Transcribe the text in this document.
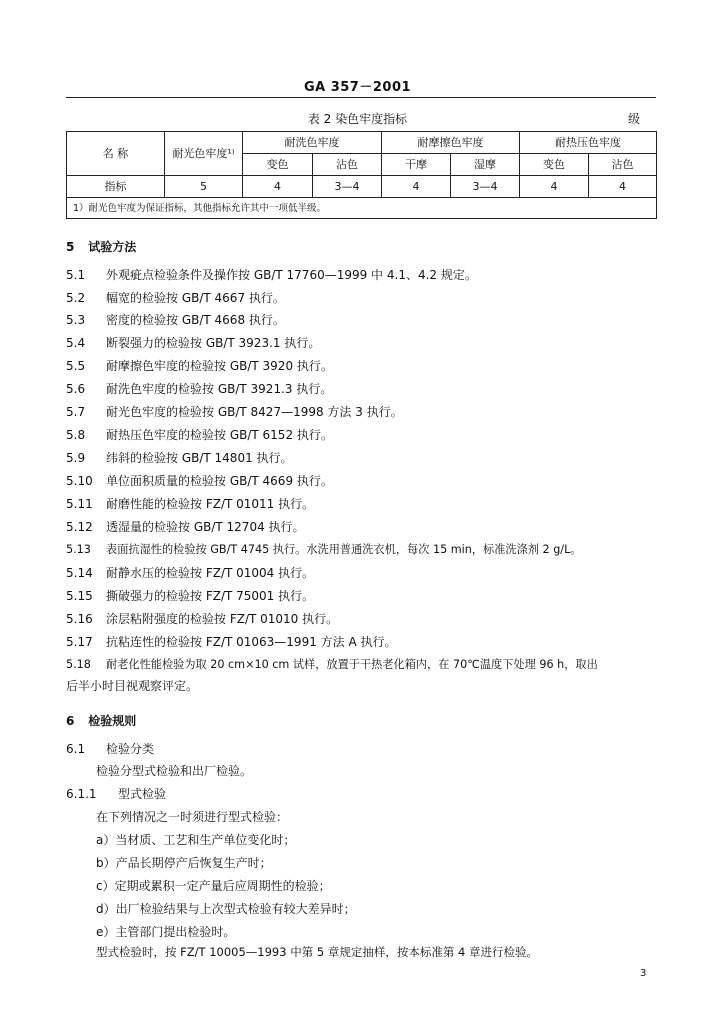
GA 357－2001
表 2 染色牢度指标	级
名 称	耐光色牢度¹⁾	耐洗色牢度		耐摩擦色牢度		耐热压色牢度	
		变色	沾色	干摩	湿摩	变色	沾色
指标	5	4	3—4	4	3—4	4	4
1）耐光色牢度为保证指标，其他指标允许其中一项低半级。							
5 试验方法
5.1 外观疵点检验条件及操作按 GB/T 17760—1999 中 4.1、4.2 规定。
5.2 幅宽的检验按 GB/T 4667 执行。
5.3 密度的检验按 GB/T 4668 执行。
5.4 断裂强力的检验按 GB/T 3923.1 执行。
5.5 耐摩擦色牢度的检验按 GB/T 3920 执行。
5.6 耐洗色牢度的检验按 GB/T 3921.3 执行。
5.7 耐光色牢度的检验按 GB/T 8427—1998 方法 3 执行。
5.8 耐热压色牢度的检验按 GB/T 6152 执行。
5.9 纬斜的检验按 GB/T 14801 执行。
5.10 单位面积质量的检验按 GB/T 4669 执行。
5.11 耐磨性能的检验按 FZ/T 01011 执行。
5.12 透湿量的检验按 GB/T 12704 执行。
5.13 表面抗湿性的检验按 GB/T 4745 执行。水洗用普通洗衣机，每次 15 min，标准洗涤剂 2 g/L。
5.14 耐静水压的检验按 FZ/T 01004 执行。
5.15 撕破强力的检验按 FZ/T 75001 执行。
5.16 涂层粘附强度的检验按 FZ/T 01010 执行。
5.17 抗粘连性的检验按 FZ/T 01063—1991 方法 A 执行。
5.18 耐老化性能检验为取 20 cm×10 cm 试样，放置于干热老化箱内，在 70℃温度下处理 96 h，取出
后半小时目视观察评定。
6 检验规则
6.1 检验分类
检验分型式检验和出厂检验。
6.1.1 型式检验
在下列情况之一时须进行型式检验：
a）当材质、工艺和生产单位变化时；
b）产品长期停产后恢复生产时；
c）定期或累积一定产量后应周期性的检验；
d）出厂检验结果与上次型式检验有较大差异时；
e）主管部门提出检验时。
型式检验时，按 FZ/T 10005—1993 中第 5 章规定抽样，按本标准第 4 章进行检验。
3
